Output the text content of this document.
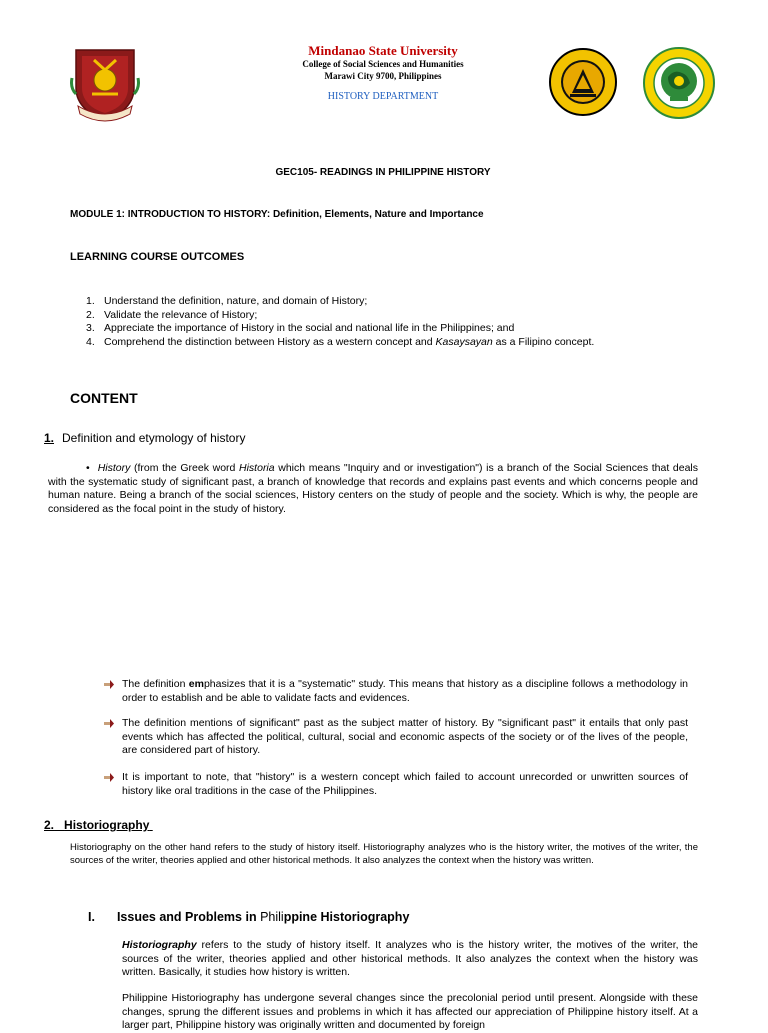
Mindanao State University
College of Social Sciences and Humanities
Marawi City 9700, Philippines
HISTORY DEPARTMENT
GEC105- READINGS IN PHILIPPINE HISTORY
MODULE 1: INTRODUCTION TO HISTORY: Definition, Elements, Nature and Importance
LEARNING COURSE OUTCOMES
1. Understand the definition, nature, and domain of History;
2. Validate the relevance of History;
3. Appreciate the importance of History in the social and national life in the Philippines; and
4. Comprehend the distinction between History as a western concept and Kasaysayan as a Filipino concept.
CONTENT
1. Definition and etymology of history
• History (from the Greek word Historia which means "Inquiry and or investigation") is a branch of the Social Sciences that deals with the systematic study of significant past, a branch of knowledge that records and explains past events and which concerns people and human nature. Being a branch of the social sciences, History centers on the study of people and the society. Which is why, the people are considered as the focal point in the study of history.
The definition emphasizes that it is a "systematic" study. This means that history as a discipline follows a methodology in order to establish and be able to validate facts and evidences.
The definition mentions of significant" past as the subject matter of history. By "significant past" it entails that only past events which has affected the political, cultural, social and economic aspects of the society or of the lives of the people, are considered part of history.
It is important to note, that "history" is a western concept which failed to account unrecorded or unwritten sources of history like oral traditions in the case of the Philippines.
2. Historiography
Historiography on the other hand refers to the study of history itself. Historiography analyzes who is the history writer, the motives of the writer, the sources of the writer, theories applied and other historical methods. It also analyzes the context when the history was written.
I. Issues and Problems in Philippine Historiography
Historiography refers to the study of history itself. It analyzes who is the history writer, the motives of the writer, the sources of the writer, theories applied and other historical methods. It also analyzes the context when the history was written. Basically, it studies how history is written.
Philippine Historiography has undergone several changes since the precolonial period until present. Alongside with these changes, sprung the different issues and problems in which it has affected our appreciation of Philippine history itself. At a larger part, Philippine history was originally written and documented by foreign
